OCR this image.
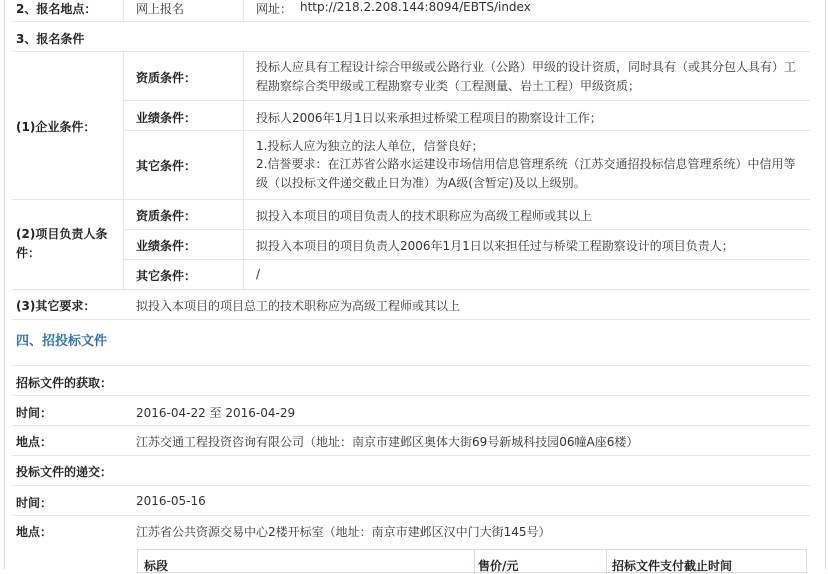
2、报名地点：	网上报名	网址： http://218.2.208.144:8094/EBTS/index
3、报名条件
(1)企业条件：
资质条件：
投标人应具有工程设计综合甲级或公路行业（公路）甲级的设计资质，同时具有（或其分包人具有）工程勘察综合类甲级或工程勘察专业类（工程测量、岩土工程）甲级资质；
业绩条件：	投标人2006年1月1日以来承担过桥梁工程项目的勘察设计工作；
其它条件：
1.投标人应为独立的法人单位，信誉良好；
2.信誉要求：在江苏省公路水运建设市场信用信息管理系统（江苏交通招投标信息管理系统）中信用等级（以投标文件递交截止日为准）为A级(含暂定)及以上级别。
(2)项目负责人条件：
资质条件：	拟投入本项目的项目负责人的技术职称应为高级工程师或其以上
业绩条件：	拟投入本项目的项目负责人2006年1月1日以来担任过与桥梁工程勘察设计的项目负责人；
其它条件：	/
(3)其它要求：	拟投入本项目的项目总工的技术职称应为高级工程师或其以上
四、招投标文件
招标文件的获取：
时间：	2016-04-22 至 2016-04-29
地点：	江苏交通工程投资咨询有限公司（地址：南京市建邺区奥体大街69号新城科技园06幢A座6楼）
投标文件的递交：
时间：	2016-05-16
地点：	江苏省公共资源交易中心2楼开标室（地址：南京市建邺区汉中门大街145号）
标段	售价/元	招标文件支付截止时间
